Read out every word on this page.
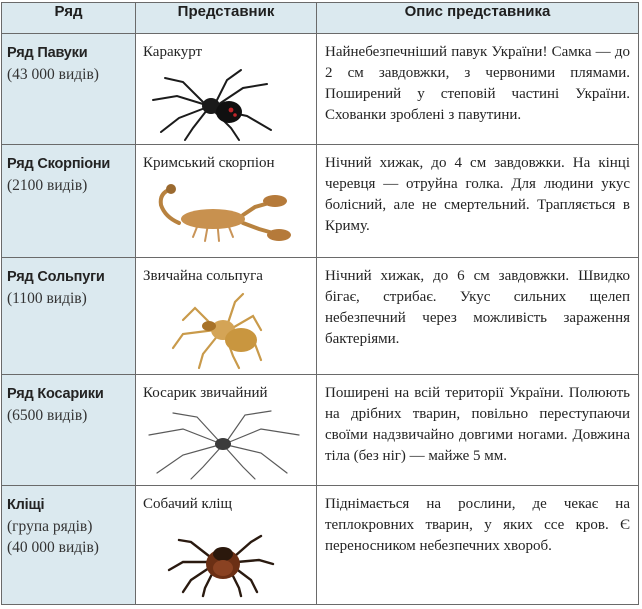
Ряд	Представник	Опис представника

Ряд Павуки
(43 000 видів)	Каракурт	Найнебезпечніший павук України! Самка — до 2 см завдовжки, з червоними плямами. Поширений у степовій частині України. Схованки зроблені з павутини.

Ряд Скорпіони
(2100 видів)	Кримський скорпіон	Нічний хижак, до 4 см завдовжки. На кінці черевця — отруйна голка. Для людини укус болісний, але не смертельний. Трапляється в Криму.

Ряд Сольпуги
(1100 видів)	Звичайна сольпуга	Нічний хижак, до 6 см завдовжки. Швидко бігає, стрибає. Укус сильних щелеп небезпечний через можливість зараження бактеріями.

Ряд Косарики
(6500 видів)	Косарик звичайний	Поширені на всій території України. Полюють на дрібних тварин, повільно переступаючи своїми надзвичайно довгими ногами. Довжина тіла (без ніг) — майже 5 мм.

Кліщі
(група рядів)
(40 000 видів)	Собачий кліщ	Піднімається на рослини, де чекає на теплокровних тварин, у яких ссе кров. Є переносником небезпечних хвороб.
